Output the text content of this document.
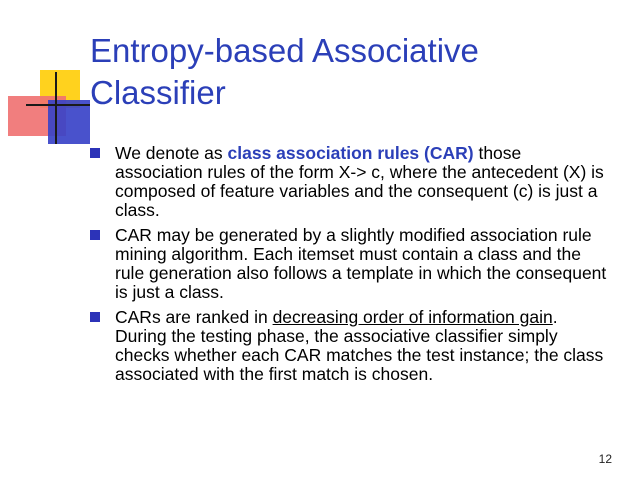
Entropy-based Associative Classifier
We denote as class association rules (CAR) those association rules of the form X-> c, where the antecedent (X) is composed of feature variables and the consequent (c) is just a class.
CAR may be generated by a slightly modified association rule mining algorithm. Each itemset must contain a class and the rule generation also follows a template in which the consequent is just a class.
CARs are ranked in decreasing order of information gain. During the testing phase, the associative classifier simply checks whether each CAR matches the test instance; the class associated with the first match is chosen.
12
